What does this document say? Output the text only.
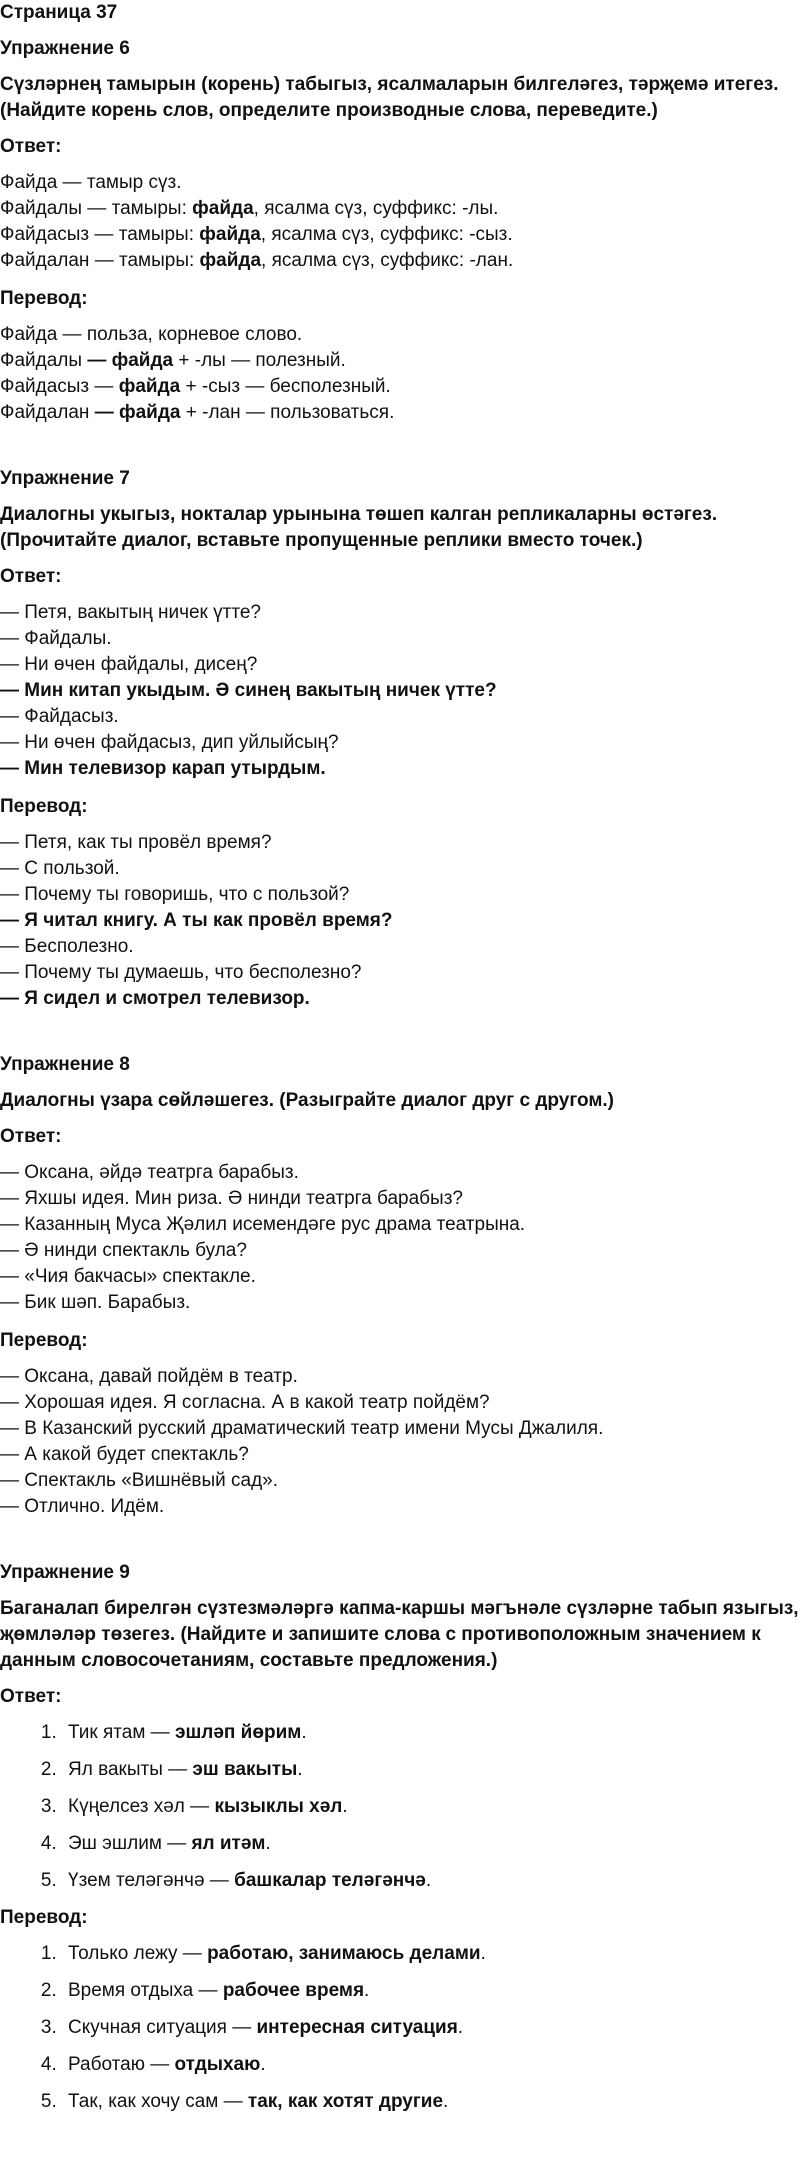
Страница 37
Упражнение 6
Сүзләрнең тамырын (корень) табыгыз, ясалмаларын билгеләгез, тәрҗемә итегез. (Найдите корень слов, определите производные слова, переведите.)
Ответ:
Файда — тамыр сүз.
Файдалы — тамыры: файда, ясалма сүз, суффикс: -лы.
Файдасыз — тамыры: файда, ясалма сүз, суффикс: -сыз.
Файдалан — тамыры: файда, ясалма сүз, суффикс: -лан.
Перевод:
Файда — польза, корневое слово.
Файдалы — файда + -лы — полезный.
Файдасыз — файда + -сыз — бесполезный.
Файдалан — файда + -лан — пользоваться.
Упражнение 7
Диалогны укыгыз, нокталар урынына төшеп калган репликаларны өстәгез. (Прочитайте диалог, вставьте пропущенные реплики вместо точек.)
Ответ:
— Петя, вакытың ничек үтте?
— Файдалы.
— Ни өчен файдалы, дисең?
— Мин китап укыдым. Ә синең вакытың ничек үтте?
— Файдасыз.
— Ни өчен файдасыз, дип уйлыйсың?
— Мин телевизор карап утырдым.
Перевод:
— Петя, как ты провёл время?
— С пользой.
— Почему ты говоришь, что с пользой?
— Я читал книгу. А ты как провёл время?
— Бесполезно.
— Почему ты думаешь, что бесполезно?
— Я сидел и смотрел телевизор.
Упражнение 8
Диалогны үзара сөйләшегез. (Разыграйте диалог друг с другом.)
Ответ:
— Оксана, әйдә театрга барабыз.
— Яхшы идея. Мин риза. Ә нинди театрга барабыз?
— Казанның Муса Җәлил исемендәге рус драма театрына.
— Ә нинди спектакль була?
— «Чия бакчасы» спектакле.
— Бик шәп. Барабыз.
Перевод:
— Оксана, давай пойдём в театр.
— Хорошая идея. Я согласна. А в какой театр пойдём?
— В Казанский русский драматический театр имени Мусы Джалиля.
— А какой будет спектакль?
— Спектакль «Вишнёвый сад».
— Отлично. Идём.
Упражнение 9
Баганалап бирелгән сүзтезмәләргә капма-каршы мәгънәле сүзләрне табып языгыз, җөмләләр төзегез. (Найдите и запишите слова с противоположным значением к данным словосочетаниям, составьте предложения.)
Ответ:
1. Тик ятам — эшләп йөрим.
2. Ял вакыты — эш вакыты.
3. Күңелсез хәл — кызыклы хәл.
4. Эш эшлим — ял итәм.
5. Үзем теләгәнчә — башкалар теләгәнчә.
Перевод:
1. Только лежу — работаю, занимаюсь делами.
2. Время отдыха — рабочее время.
3. Скучная ситуация — интересная ситуация.
4. Работаю — отдыхаю.
5. Так, как хочу сам — так, как хотят другие.
